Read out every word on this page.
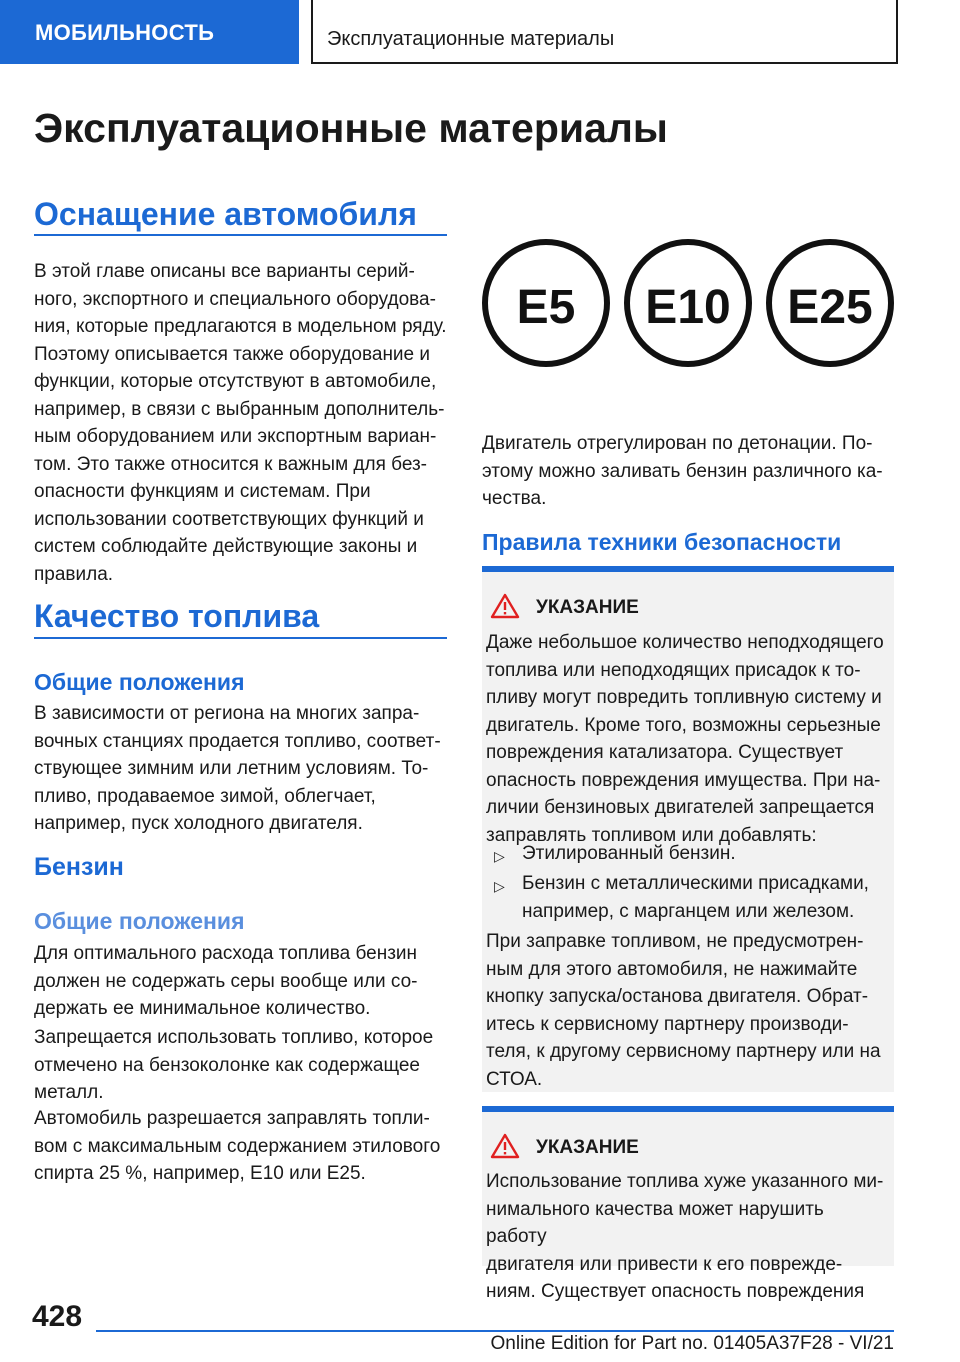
МОБИЛЬНОСТЬ	Эксплуатационные материалы
Эксплуатационные материалы
Оснащение автомобиля
В этой главе описаны все варианты серий-
ного, экспортного и специального оборудова-
ния, которые предлагаются в модельном ряду.
Поэтому описывается также оборудование и
функции, которые отсутствуют в автомобиле,
например, в связи с выбранным дополнитель-
ным оборудованием или экспортным вариан-
том. Это также относится к важным для без-
опасности функциям и системам. При
использовании соответствующих функций и
систем соблюдайте действующие законы и
правила.
Качество топлива
Общие положения
В зависимости от региона на многих запра-
вочных станциях продается топливо, соответ-
ствующее зимним или летним условиям. То-
пливо, продаваемое зимой, облегчает,
например, пуск холодного двигателя.
Бензин
Общие положения
Для оптимального расхода топлива бензин
должен не содержать серы вообще или со-
держать ее минимальное количество.
Запрещается использовать топливо, которое
отмечено на бензоколонке как содержащее
металл.
Автомобиль разрешается заправлять топли-
вом с максимальным содержанием этилового
спирта 25 %, например, E10 или E25.
E5	E10	E25
Двигатель отрегулирован по детонации. По-
этому можно заливать бензин различного ка-
чества.
Правила техники безопасности
УКАЗАНИЕ
Даже небольшое количество неподходящего
топлива или неподходящих присадок к то-
пливу могут повредить топливную систему и
двигатель. Кроме того, возможны серьезные
повреждения катализатора. Существует
опасность повреждения имущества. При на-
личии бензиновых двигателей запрещается
заправлять топливом или добавлять:
▷ Этилированный бензин.
▷ Бензин с металлическими присадками,
например, с марганцем или железом.
При заправке топливом, не предусмотрен-
ным для этого автомобиля, не нажимайте
кнопку запуска/останова двигателя. Обрат-
итесь к сервисному партнеру производи-
теля, к другому сервисному партнеру или на
СТОА.
УКАЗАНИЕ
Использование топлива хуже указанного ми-
нимального качества может нарушить работу
двигателя или привести к его поврежде-
ниям. Существует опасность повреждения
428
Online Edition for Part no. 01405A37F28 - VI/21
